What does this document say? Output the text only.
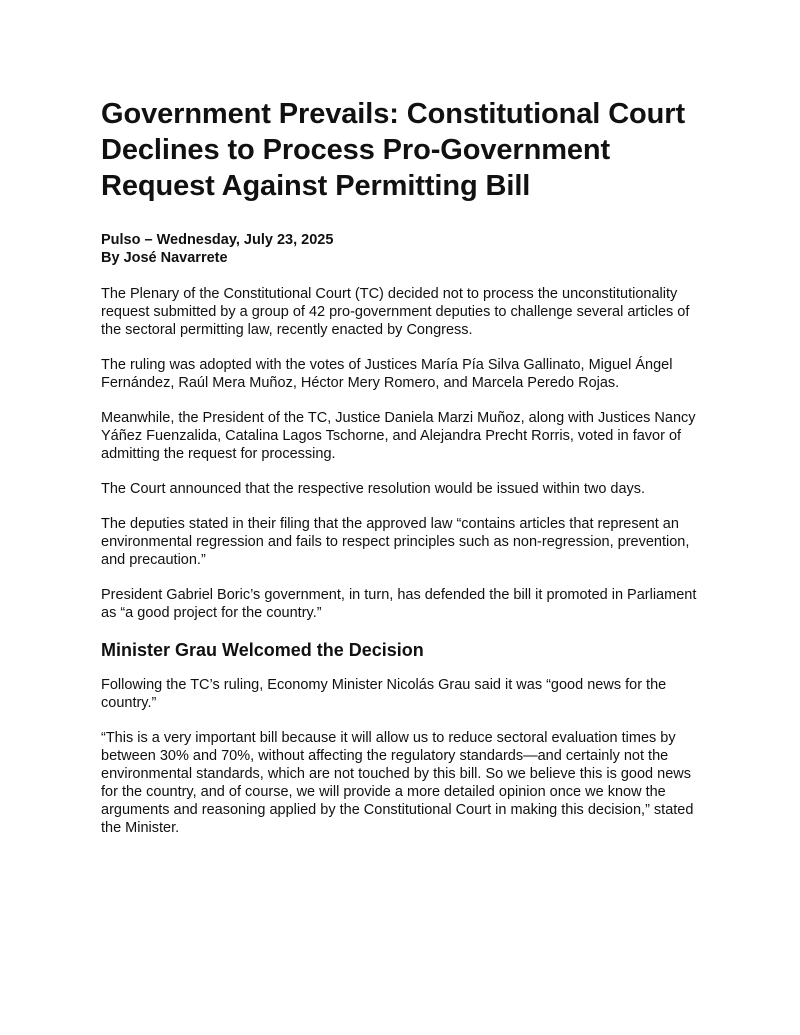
Government Prevails: Constitutional Court Declines to Process Pro-Government Request Against Permitting Bill
Pulso – Wednesday, July 23, 2025
By José Navarrete

The Plenary of the Constitutional Court (TC) decided not to process the unconstitutionality request submitted by a group of 42 pro-government deputies to challenge several articles of the sectoral permitting law, recently enacted by Congress.

The ruling was adopted with the votes of Justices María Pía Silva Gallinato, Miguel Ángel Fernández, Raúl Mera Muñoz, Héctor Mery Romero, and Marcela Peredo Rojas.

Meanwhile, the President of the TC, Justice Daniela Marzi Muñoz, along with Justices Nancy Yáñez Fuenzalida, Catalina Lagos Tschorne, and Alejandra Precht Rorris, voted in favor of admitting the request for processing.

The Court announced that the respective resolution would be issued within two days.

The deputies stated in their filing that the approved law “contains articles that represent an environmental regression and fails to respect principles such as non-regression, prevention, and precaution.”

President Gabriel Boric’s government, in turn, has defended the bill it promoted in Parliament as “a good project for the country.”

Minister Grau Welcomed the Decision

Following the TC’s ruling, Economy Minister Nicolás Grau said it was “good news for the country.”

“This is a very important bill because it will allow us to reduce sectoral evaluation times by between 30% and 70%, without affecting the regulatory standards—and certainly not the environmental standards, which are not touched by this bill. So we believe this is good news for the country, and of course, we will provide a more detailed opinion once we know the arguments and reasoning applied by the Constitutional Court in making this decision,” stated the Minister.
